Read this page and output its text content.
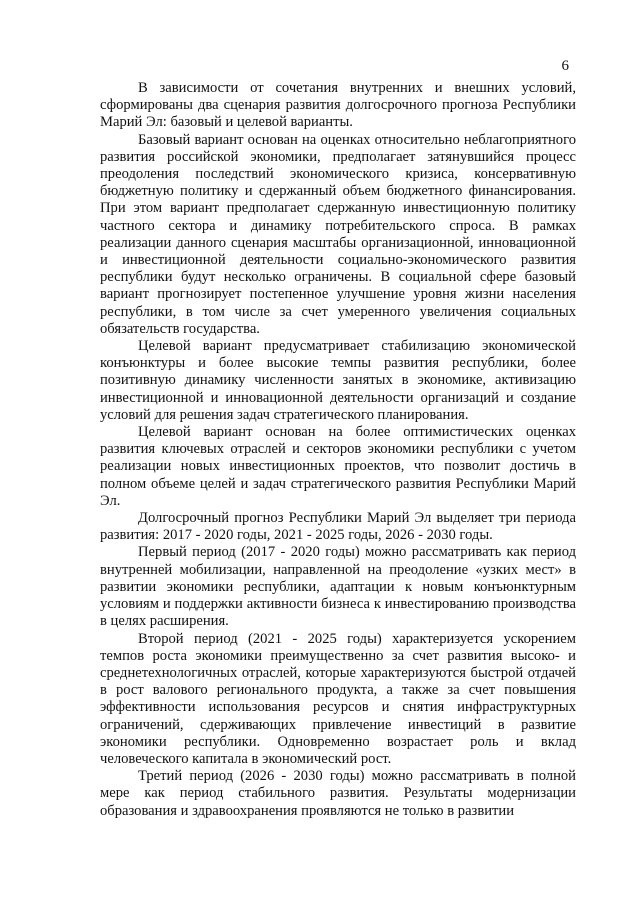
6

В зависимости от сочетания внутренних и внешних условий, сформированы два сценария развития долгосрочного прогноза Республики Марий Эл: базовый и целевой варианты.

Базовый вариант основан на оценках относительно неблагоприятного развития российской экономики, предполагает затянувшийся процесс преодоления последствий экономического кризиса, консервативную бюджетную политику и сдержанный объем бюджетного финансирования. При этом вариант предполагает сдержанную инвестиционную политику частного сектора и динамику потребительского спроса. В рамках реализации данного сценария масштабы организационной, инновационной и инвестиционной деятельности социально-экономического развития республики будут несколько ограничены. В социальной сфере базовый вариант прогнозирует постепенное улучшение уровня жизни населения республики, в том числе за счет умеренного увеличения социальных обязательств государства.

Целевой вариант предусматривает стабилизацию экономической конъюнктуры и более высокие темпы развития республики, более позитивную динамику численности занятых в экономике, активизацию инвестиционной и инновационной деятельности организаций и создание условий для решения задач стратегического планирования.

Целевой вариант основан на более оптимистических оценках развития ключевых отраслей и секторов экономики республики с учетом реализации новых инвестиционных проектов, что позволит достичь в полном объеме целей и задач стратегического развития Республики Марий Эл.

Долгосрочный прогноз Республики Марий Эл выделяет три периода развития: 2017 - 2020 годы, 2021 - 2025 годы, 2026 - 2030 годы.

Первый период (2017 - 2020 годы) можно рассматривать как период внутренней мобилизации, направленной на преодоление «узких мест» в развитии экономики республики, адаптации к новым конъюнктурным условиям и поддержки активности бизнеса к инвестированию производства в целях расширения.

Второй период (2021 - 2025 годы) характеризуется ускорением темпов роста экономики преимущественно за счет развития высоко- и среднетехнологичных отраслей, которые характеризуются быстрой отдачей в рост валового регионального продукта, а также за счет повышения эффективности использования ресурсов и снятия инфраструктурных ограничений, сдерживающих привлечение инвестиций в развитие экономики республики. Одновременно возрастает роль и вклад человеческого капитала в экономический рост.

Третий период (2026 - 2030 годы) можно рассматривать в полной мере как период стабильного развития. Результаты модернизации образования и здравоохранения проявляются не только в развитии
